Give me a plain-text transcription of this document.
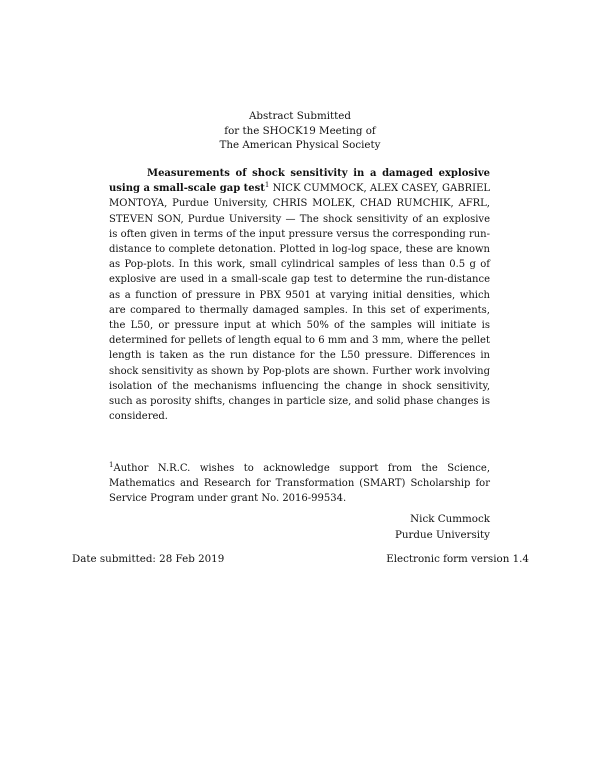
Abstract Submitted
for the SHOCK19 Meeting of
The American Physical Society
Measurements of shock sensitivity in a damaged explosive using a small-scale gap test$^1$ NICK CUMMOCK, ALEX CASEY, GABRIEL MONTOYA, Purdue University, CHRIS MOLEK, CHAD RUMCHIK, AFRL, STEVEN SON, Purdue University — The shock sensitivity of an explosive is often given in terms of the input pressure versus the corresponding run-distance to complete detonation. Plotted in log-log space, these are known as Pop-plots. In this work, small cylindrical samples of less than 0.5 g of explosive are used in a small-scale gap test to determine the run-distance as a function of pressure in PBX 9501 at varying initial densities, which are compared to thermally damaged samples. In this set of experiments, the L50, or pressure input at which 50% of the samples will initiate is determined for pellets of length equal to 6 mm and 3 mm, where the pellet length is taken as the run distance for the L50 pressure. Differences in shock sensitivity as shown by Pop-plots are shown. Further work involving isolation of the mechanisms influencing the change in shock sensitivity, such as porosity shifts, changes in particle size, and solid phase changes is considered.
$^1$Author N.R.C. wishes to acknowledge support from the Science, Mathematics and Research for Transformation (SMART) Scholarship for Service Program under grant No. 2016-99534.
Nick Cummock
Purdue University
Date submitted: 28 Feb 2019	Electronic form version 1.4
